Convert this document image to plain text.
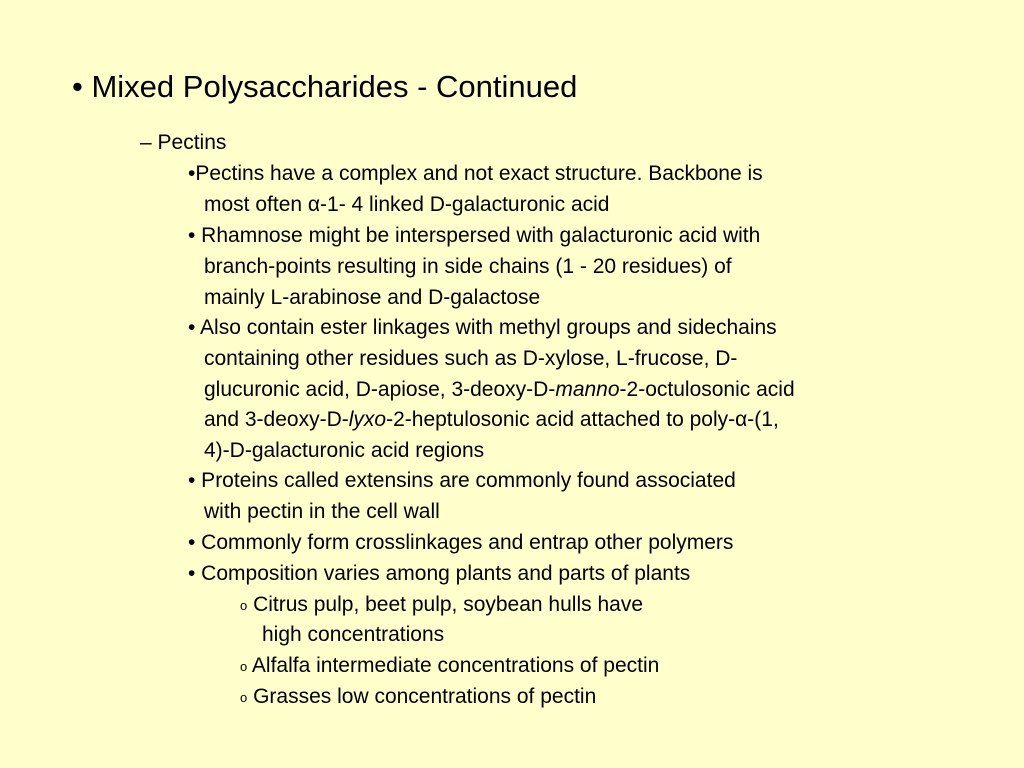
• Mixed Polysaccharides - Continued

– Pectins

•Pectins have a complex and not exact structure. Backbone is

most often α-1- 4 linked D-galacturonic acid

• Rhamnose might be interspersed with galacturonic acid with

branch-points resulting in side chains (1 - 20 residues) of

mainly L-arabinose and D-galactose

• Also contain ester linkages with methyl groups and sidechains

containing other residues such as D-xylose, L-frucose, D-

glucuronic acid, D-apiose, 3-deoxy-D-manno-2-octulosonic acid

and 3-deoxy-D-lyxo-2-heptulosonic acid attached to poly-α-(1,

4)-D-galacturonic acid regions

• Proteins called extensins are commonly found associated

with pectin in the cell wall

• Commonly form crosslinkages and entrap other polymers

• Composition varies among plants and parts of plants

o Citrus pulp, beet pulp, soybean hulls have

high concentrations

o Alfalfa intermediate concentrations of pectin

o Grasses low concentrations of pectin
